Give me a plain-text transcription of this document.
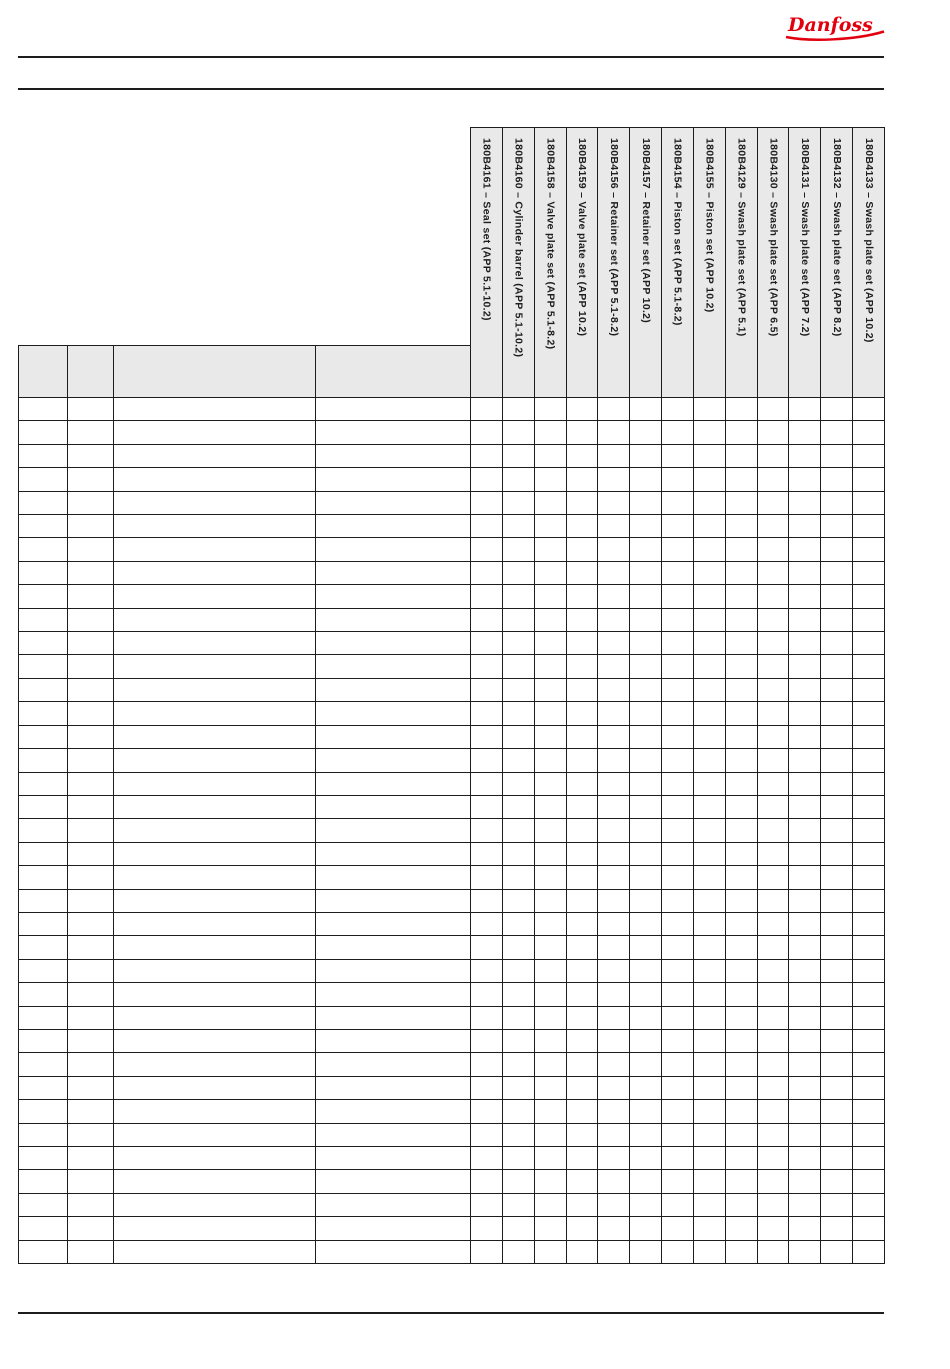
Danfoss
				180B4161 – Seal set (APP 5.1-10.2)	180B4160 – Cylinder barrel (APP 5.1-10.2)	180B4158 – Valve plate set (APP 5.1-8.2)	180B4159 – Valve plate set (APP 10.2)	180B4156 – Retainer set (APP 5.1-8.2)	180B4157 – Retainer set (APP 10.2)	180B4154 – Piston set (APP 5.1-8.2)	180B4155 – Piston set (APP 10.2)	180B4129 – Swash plate set (APP 5.1)	180B4130 – Swash plate set (APP 6.5)	180B4131 – Swash plate set (APP 7.2)	180B4132 – Swash plate set (APP 8.2)	180B4133 – Swash plate set (APP 10.2)
